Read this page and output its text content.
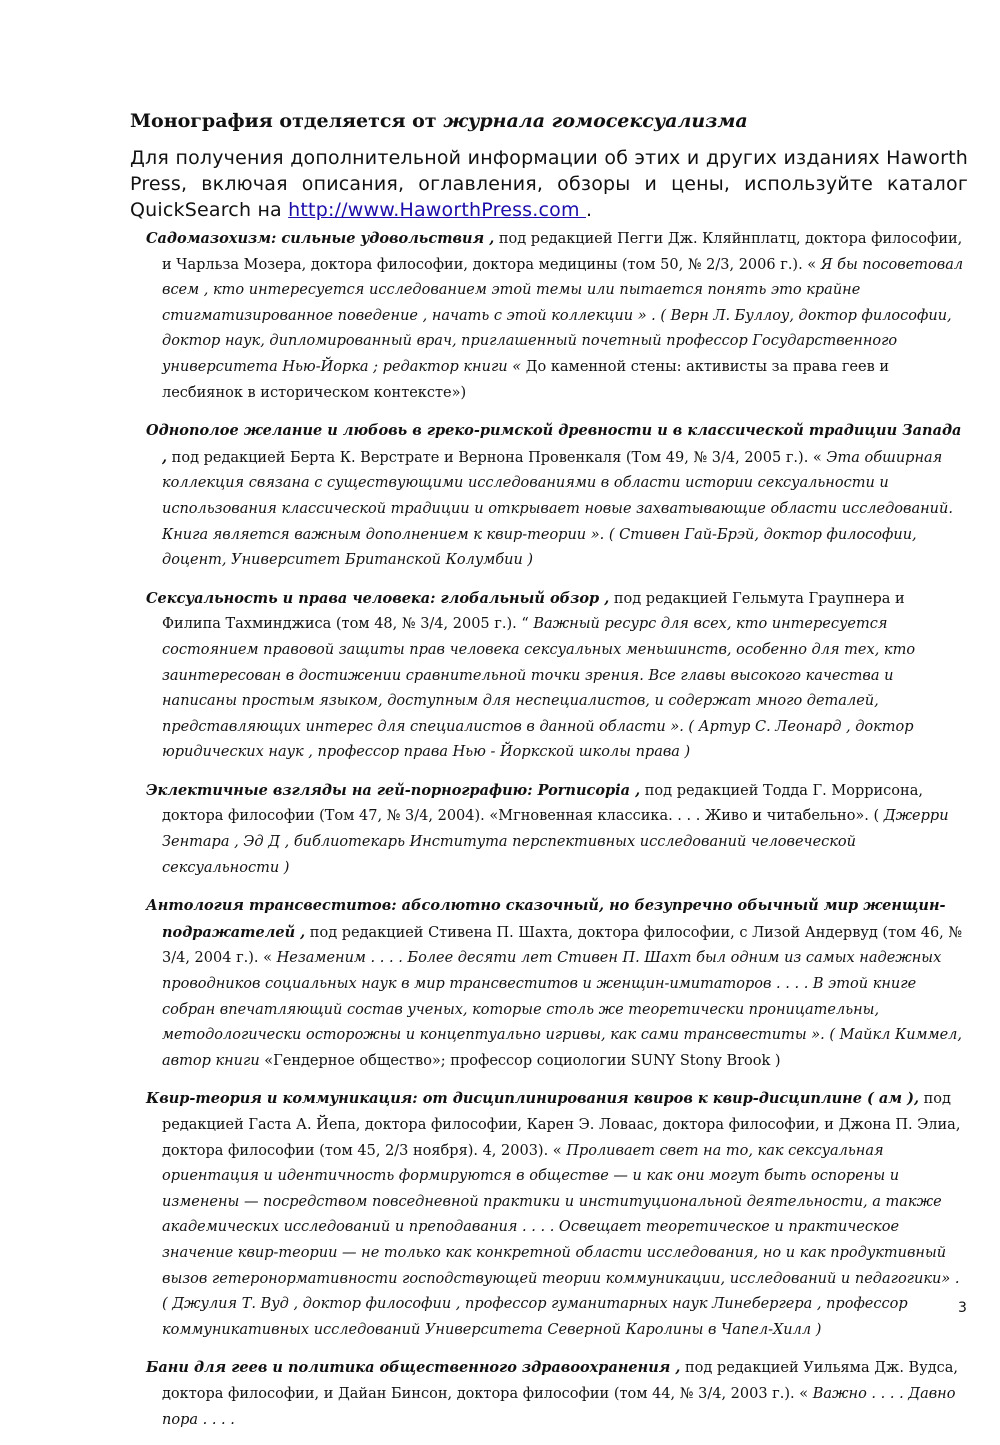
Монография отделяется от журнала гомосексуализма
Для получения дополнительной информации об этих и других изданиях Haworth Press, включая описания, оглавления, обзоры и цены, используйте каталог QuickSearch на http://www.HaworthPress.com .

Садомазохизм: сильные удовольствия , под редакцией Пегги Дж. Кляйнплатц, доктора философии, и Чарльза Мозера, доктора философии, доктора медицины (том 50, № 2/3, 2006 г.). « Я бы посоветовал всем , кто интересуется исследованием этой темы или пытается понять это крайне стигматизированное поведение , начать с этой коллекции » . ( Верн Л. Буллоу, доктор философии, доктор наук, дипломированный врач, приглашенный почетный профессор Государственного университета Нью-Йорка ; редактор книги « До каменной стены: активисты за права геев и лесбиянок в историческом контексте»)

Однополое желание и любовь в греко-римской древности и в классической традиции Запада , под редакцией Берта К. Верстрате и Вернона Провенкаля (Том 49, № 3/4, 2005 г.). « Эта обширная коллекция связана с существующими исследованиями в области истории сексуальности и использования классической традиции и открывает новые захватывающие области исследований. Книга является важным дополнением к квир-теории ». ( Стивен Гай-Брэй, доктор философии, доцент, Университет Британской Колумбии )

Сексуальность и права человека: глобальный обзор , под редакцией Гельмута Граупнера и Филипа Тахминджиса (том 48, № 3/4, 2005 г.). “ Важный ресурс для всех, кто интересуется состоянием правовой защиты прав человека сексуальных меньшинств, особенно для тех, кто заинтересован в достижении сравнительной точки зрения. Все главы высокого качества и написаны простым языком, доступным для неспециалистов, и содержат много деталей, представляющих интерес для специалистов в данной области ». ( Артур С. Леонард , доктор юридических наук , профессор права Нью - Йоркской школы права )

Эклектичные взгляды на гей-порнографию: Pornucopia , под редакцией Тодда Г. Моррисона, доктора философии (Том 47, № 3/4, 2004). «Мгновенная классика. . . . Живо и читабельно». ( Джерри Зентара , Эд Д , библиотекарь Института перспективных исследований человеческой сексуальности )

Антология трансвеститов: абсолютно сказочный, но безупречно обычный мир женщин-подражателей , под редакцией Стивена П. Шахта, доктора философии, с Лизой Андервуд (том 46, № 3/4, 2004 г.). « Незаменим . . . . Более десяти лет Стивен П. Шахт был одним из самых надежных проводников социальных наук в мир трансвеститов и женщин-имитаторов . . . . В этой книге собран впечатляющий состав ученых, которые столь же теоретически проницательны, методологически осторожны и концептуально игривы, как сами трансвеститы ». ( Майкл Киммел, автор книги «Гендерное общество»; профессор социологии SUNY Stony Brook )

Квир-теория и коммуникация: от дисциплинирования квиров к квир-дисциплине ( ам ), под редакцией Гаста А. Йепа, доктора философии, Карен Э. Ловаас, доктора философии, и Джона П. Элиа, доктора философии (том 45, 2/3 ноября). 4, 2003). « Проливает свет на то, как сексуальная ориентация и идентичность формируются в обществе — и как они могут быть оспорены и изменены — посредством повседневной практики и институциональной деятельности, а также академических исследований и преподавания . . . . Освещает теоретическое и практическое значение квир-теории — не только как конкретной области исследования, но и как продуктивный вызов гетеронормативности господствующей теории коммуникации, исследований и педагогики» . ( Джулия Т. Вуд , доктор философии , профессор гуманитарных наук Линебергера , профессор коммуникативных исследований Университета Северной Каролины в Чапел-Хилл )

Бани для геев и политика общественного здравоохранения , под редакцией Уильяма Дж. Вудса, доктора философии, и Дайан Бинсон, доктора философии (том 44, № 3/4, 2003 г.). « Важно . . . . Давно пора . . . .

3
